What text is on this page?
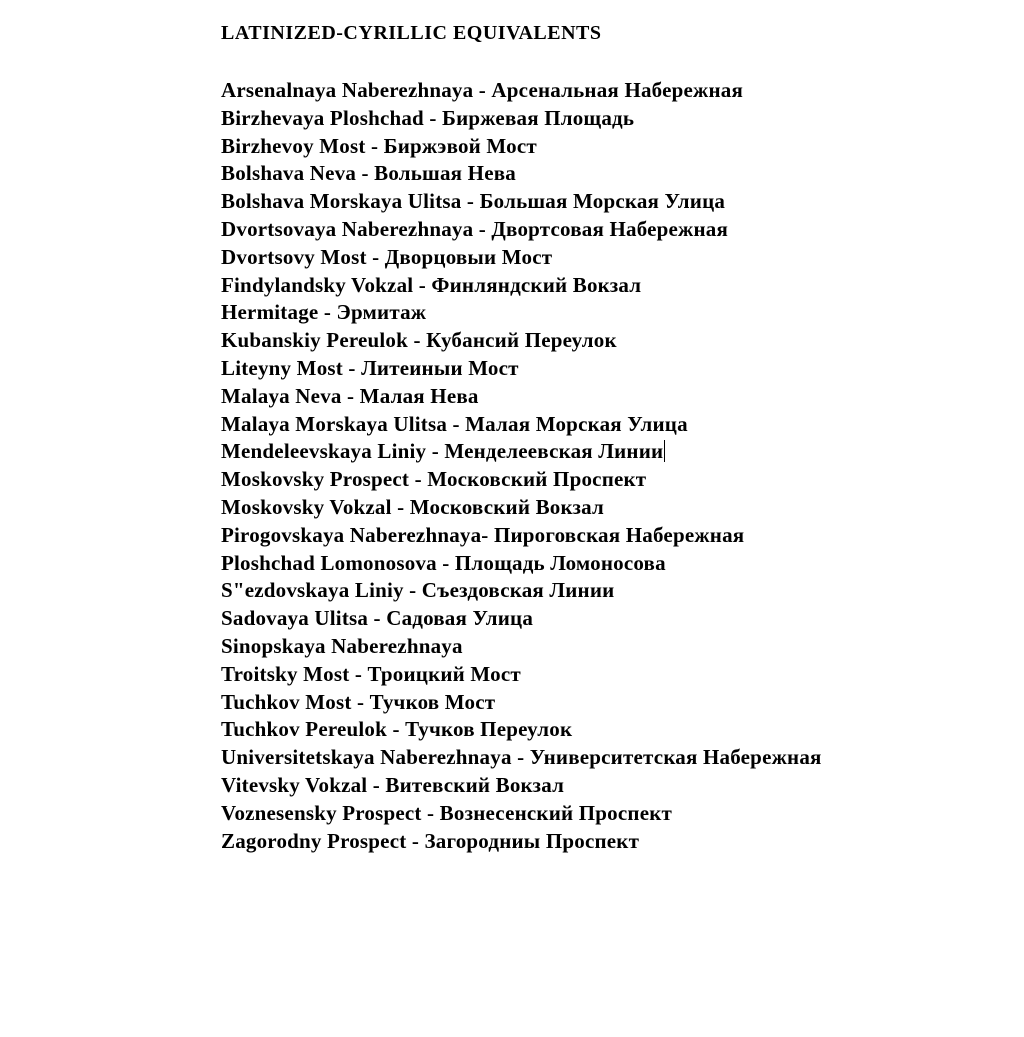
LATINIZED-CYRILLIC EQUIVALENTS
Arsenalnaya Naberezhnaya - Арсенальная Набережная
Birzhevaya Ploshchad - Биржевая Площадь
Birzhevoy Most - Биржэвой Мост
Bolshava Neva - Вольшая Нева
Bolshava Morskaya Ulitsa - Большая Морская Улица
Dvortsovaya Naberezhnaya - Двортсовая Набережная
Dvortsovy Most - Дворцовыи Мост
Findylandsky Vokzal - Финляндский Вокзал
Hermitage - Эрмитаж
Kubanskiy Pereulok - Кубансий Переулок
Liteyny Most - Литеиныи Мост
Malaya Neva - Малая Нева
Malaya Morskaya Ulitsa - Малая Морская Улица
Mendeleevskaya Liniy - Менделеевская Линии
Moskovsky Prospect - Московский Проспект
Moskovsky Vokzal - Московский Вокзал
Pirogovskaya Naberezhnaya- Пироговская Набережная
Ploshchad Lomonosova - Площадь Ломоносова
S"ezdovskaya Liniy - Съездовская Линии
Sadovaya Ulitsa - Садовая Улица
Sinopskaya Naberezhnaya
Troitsky Most - Троицкий Мост
Tuchkov Most - Тучков Мост
Tuchkov Pereulok - Тучков Переулок
Universitetskaya Naberezhnaya - Университетская Набережная
Vitevsky Vokzal - Витевский Вокзал
Voznesensky Prospect - Вознесенский Проспект
Zagorodny Prospect - Загородниы Проспект
